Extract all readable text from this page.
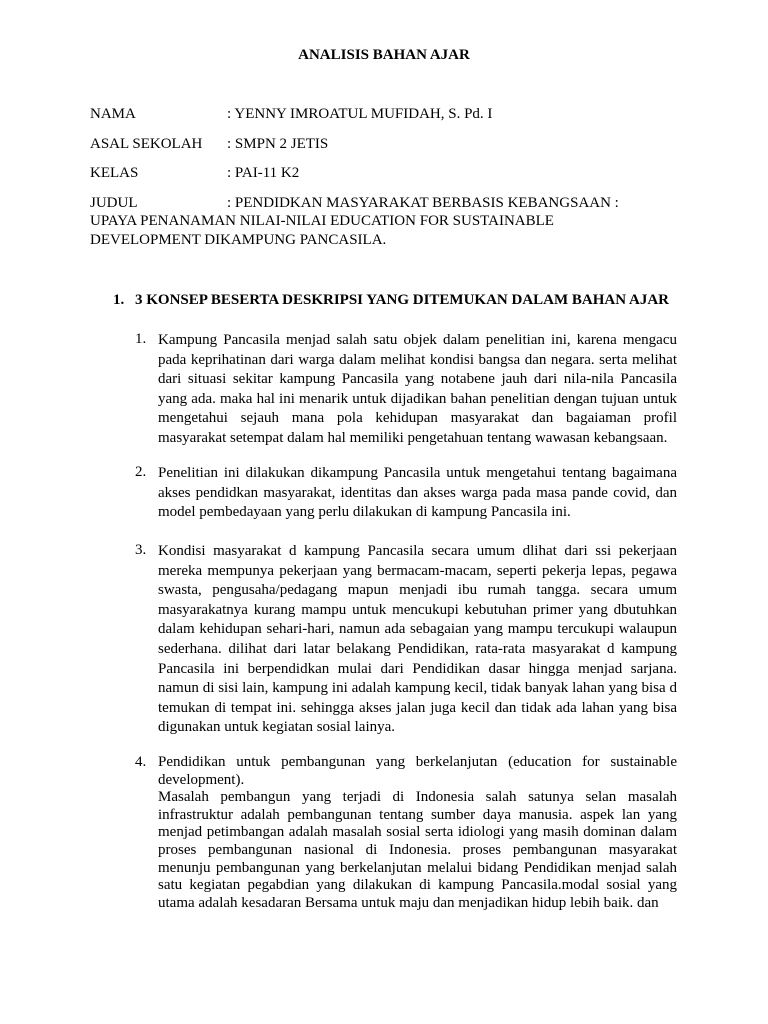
ANALISIS BAHAN AJAR
NAMA	: YENNY IMROATUL MUFIDAH, S. Pd. I
ASAL SEKOLAH : SMPN 2 JETIS
KELAS	: PAI-11 K2
JUDUL	: PENDIDKAN MASYARAKAT BERBASIS KEBANGSAAN :
UPAYA PENANAMAN NILAI-NILAI EDUCATION FOR SUSTAINABLE DEVELOPMENT DIKAMPUNG PANCASILA.
1. 3 KONSEP BESERTA DESKRIPSI YANG DITEMUKAN DALAM BAHAN AJAR
1. Kampung Pancasila menjad salah satu objek dalam penelitian ini, karena mengacu pada keprihatinan dari warga dalam melihat kondisi bangsa dan negara. serta melihat dari situasi sekitar kampung Pancasila yang notabene jauh dari nila-nila Pancasila yang ada. maka hal ini menarik untuk dijadikan bahan penelitian dengan tujuan untuk mengetahui sejauh mana pola kehidupan masyarakat dan bagaiaman profil masyarakat setempat dalam hal memiliki pengetahuan tentang wawasan kebangsaan.
2. Penelitian ini dilakukan dikampung Pancasila untuk mengetahui tentang bagaimana akses pendidkan masyarakat, identitas dan akses warga pada masa pande covid, dan model pembedayaan yang perlu dilakukan di kampung Pancasila ini.
3. Kondisi masyarakat d kampung Pancasila secara umum dlihat dari ssi pekerjaan mereka mempunya pekerjaan yang bermacam-macam, seperti pekerja lepas, pegawa swasta, pengusaha/pedagang mapun menjadi ibu rumah tangga. secara umum masyarakatnya kurang mampu untuk mencukupi kebutuhan primer yang dbutuhkan dalam kehidupan sehari-hari, namun ada sebagaian yang mampu tercukupi walaupun sederhana. dilihat dari latar belakang Pendidikan, rata-rata masyarakat d kampung Pancasila ini berpendidkan mulai dari Pendidikan dasar hingga menjad sarjana. namun di sisi lain, kampung ini adalah kampung kecil, tidak banyak lahan yang bisa d temukan di tempat ini. sehingga akses jalan juga kecil dan tidak ada lahan yang bisa digunakan untuk kegiatan sosial lainya.
4. Pendidikan untuk pembangunan yang berkelanjutan (education for sustainable development).

Masalah pembangun yang terjadi di Indonesia salah satunya selan masalah infrastruktur adalah pembangunan tentang sumber daya manusia. aspek lan yang menjad petimbangan adalah masalah sosial serta idiologi yang masih dominan dalam proses pembangunan nasional di Indonesia. proses pembangunan masyarakat menunju pembangunan yang berkelanjutan melalui bidang Pendidikan menjad salah satu kegiatan pegabdian yang dilakukan di kampung Pancasila.modal sosial yang utama adalah kesadaran Bersama untuk maju dan menjadikan hidup lebih baik. dan
